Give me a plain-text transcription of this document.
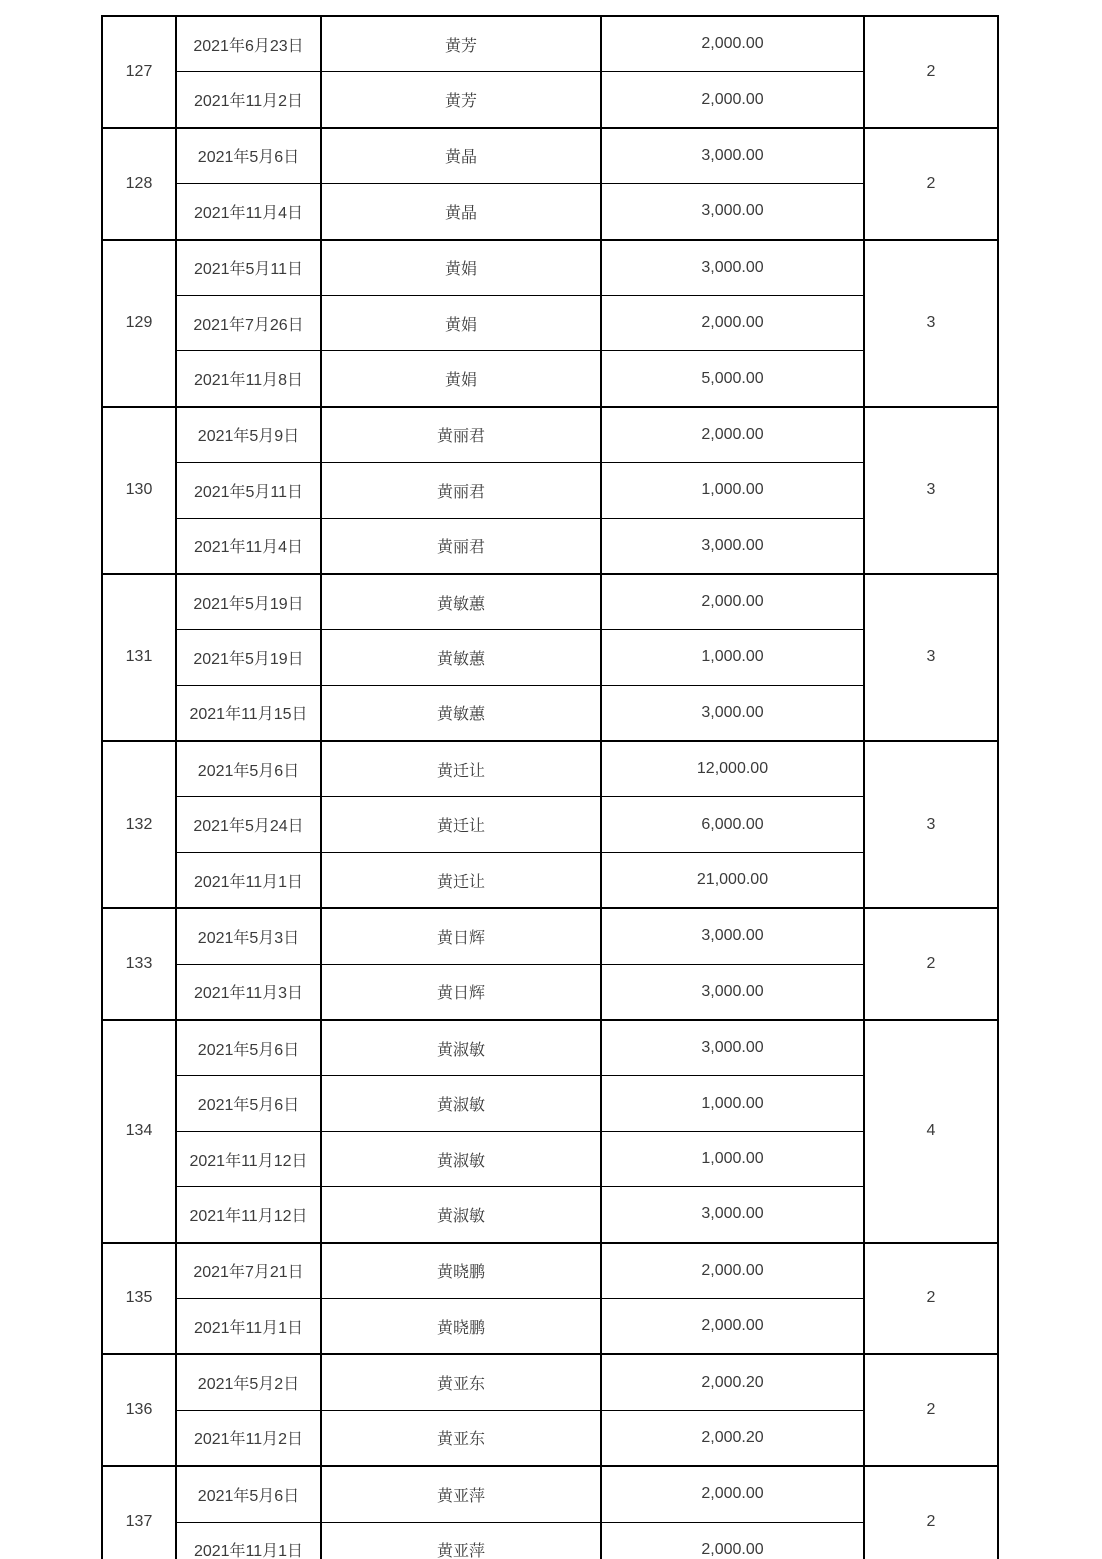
127	2021年6月23日	黄芳	2,000.00	2
	2021年11月2日	黄芳	2,000.00	
128	2021年5月6日	黄晶	3,000.00	2
	2021年11月4日	黄晶	3,000.00	
129	2021年5月11日	黄娟	3,000.00	3
	2021年7月26日	黄娟	2,000.00	
	2021年11月8日	黄娟	5,000.00	
130	2021年5月9日	黄丽君	2,000.00	3
	2021年5月11日	黄丽君	1,000.00	
	2021年11月4日	黄丽君	3,000.00	
131	2021年5月19日	黄敏蕙	2,000.00	3
	2021年5月19日	黄敏蕙	1,000.00	
	2021年11月15日	黄敏蕙	3,000.00	
132	2021年5月6日	黄迁让	12,000.00	3
	2021年5月24日	黄迁让	6,000.00	
	2021年11月1日	黄迁让	21,000.00	
133	2021年5月3日	黄日辉	3,000.00	2
	2021年11月3日	黄日辉	3,000.00	
134	2021年5月6日	黄淑敏	3,000.00	4
	2021年5月6日	黄淑敏	1,000.00	
	2021年11月12日	黄淑敏	1,000.00	
	2021年11月12日	黄淑敏	3,000.00	
135	2021年7月21日	黄晓鹏	2,000.00	2
	2021年11月1日	黄晓鹏	2,000.00	
136	2021年5月2日	黄亚东	2,000.20	2
	2021年11月2日	黄亚东	2,000.20	
137	2021年5月6日	黄亚萍	2,000.00	2
	2021年11月1日	黄亚萍	2,000.00	
